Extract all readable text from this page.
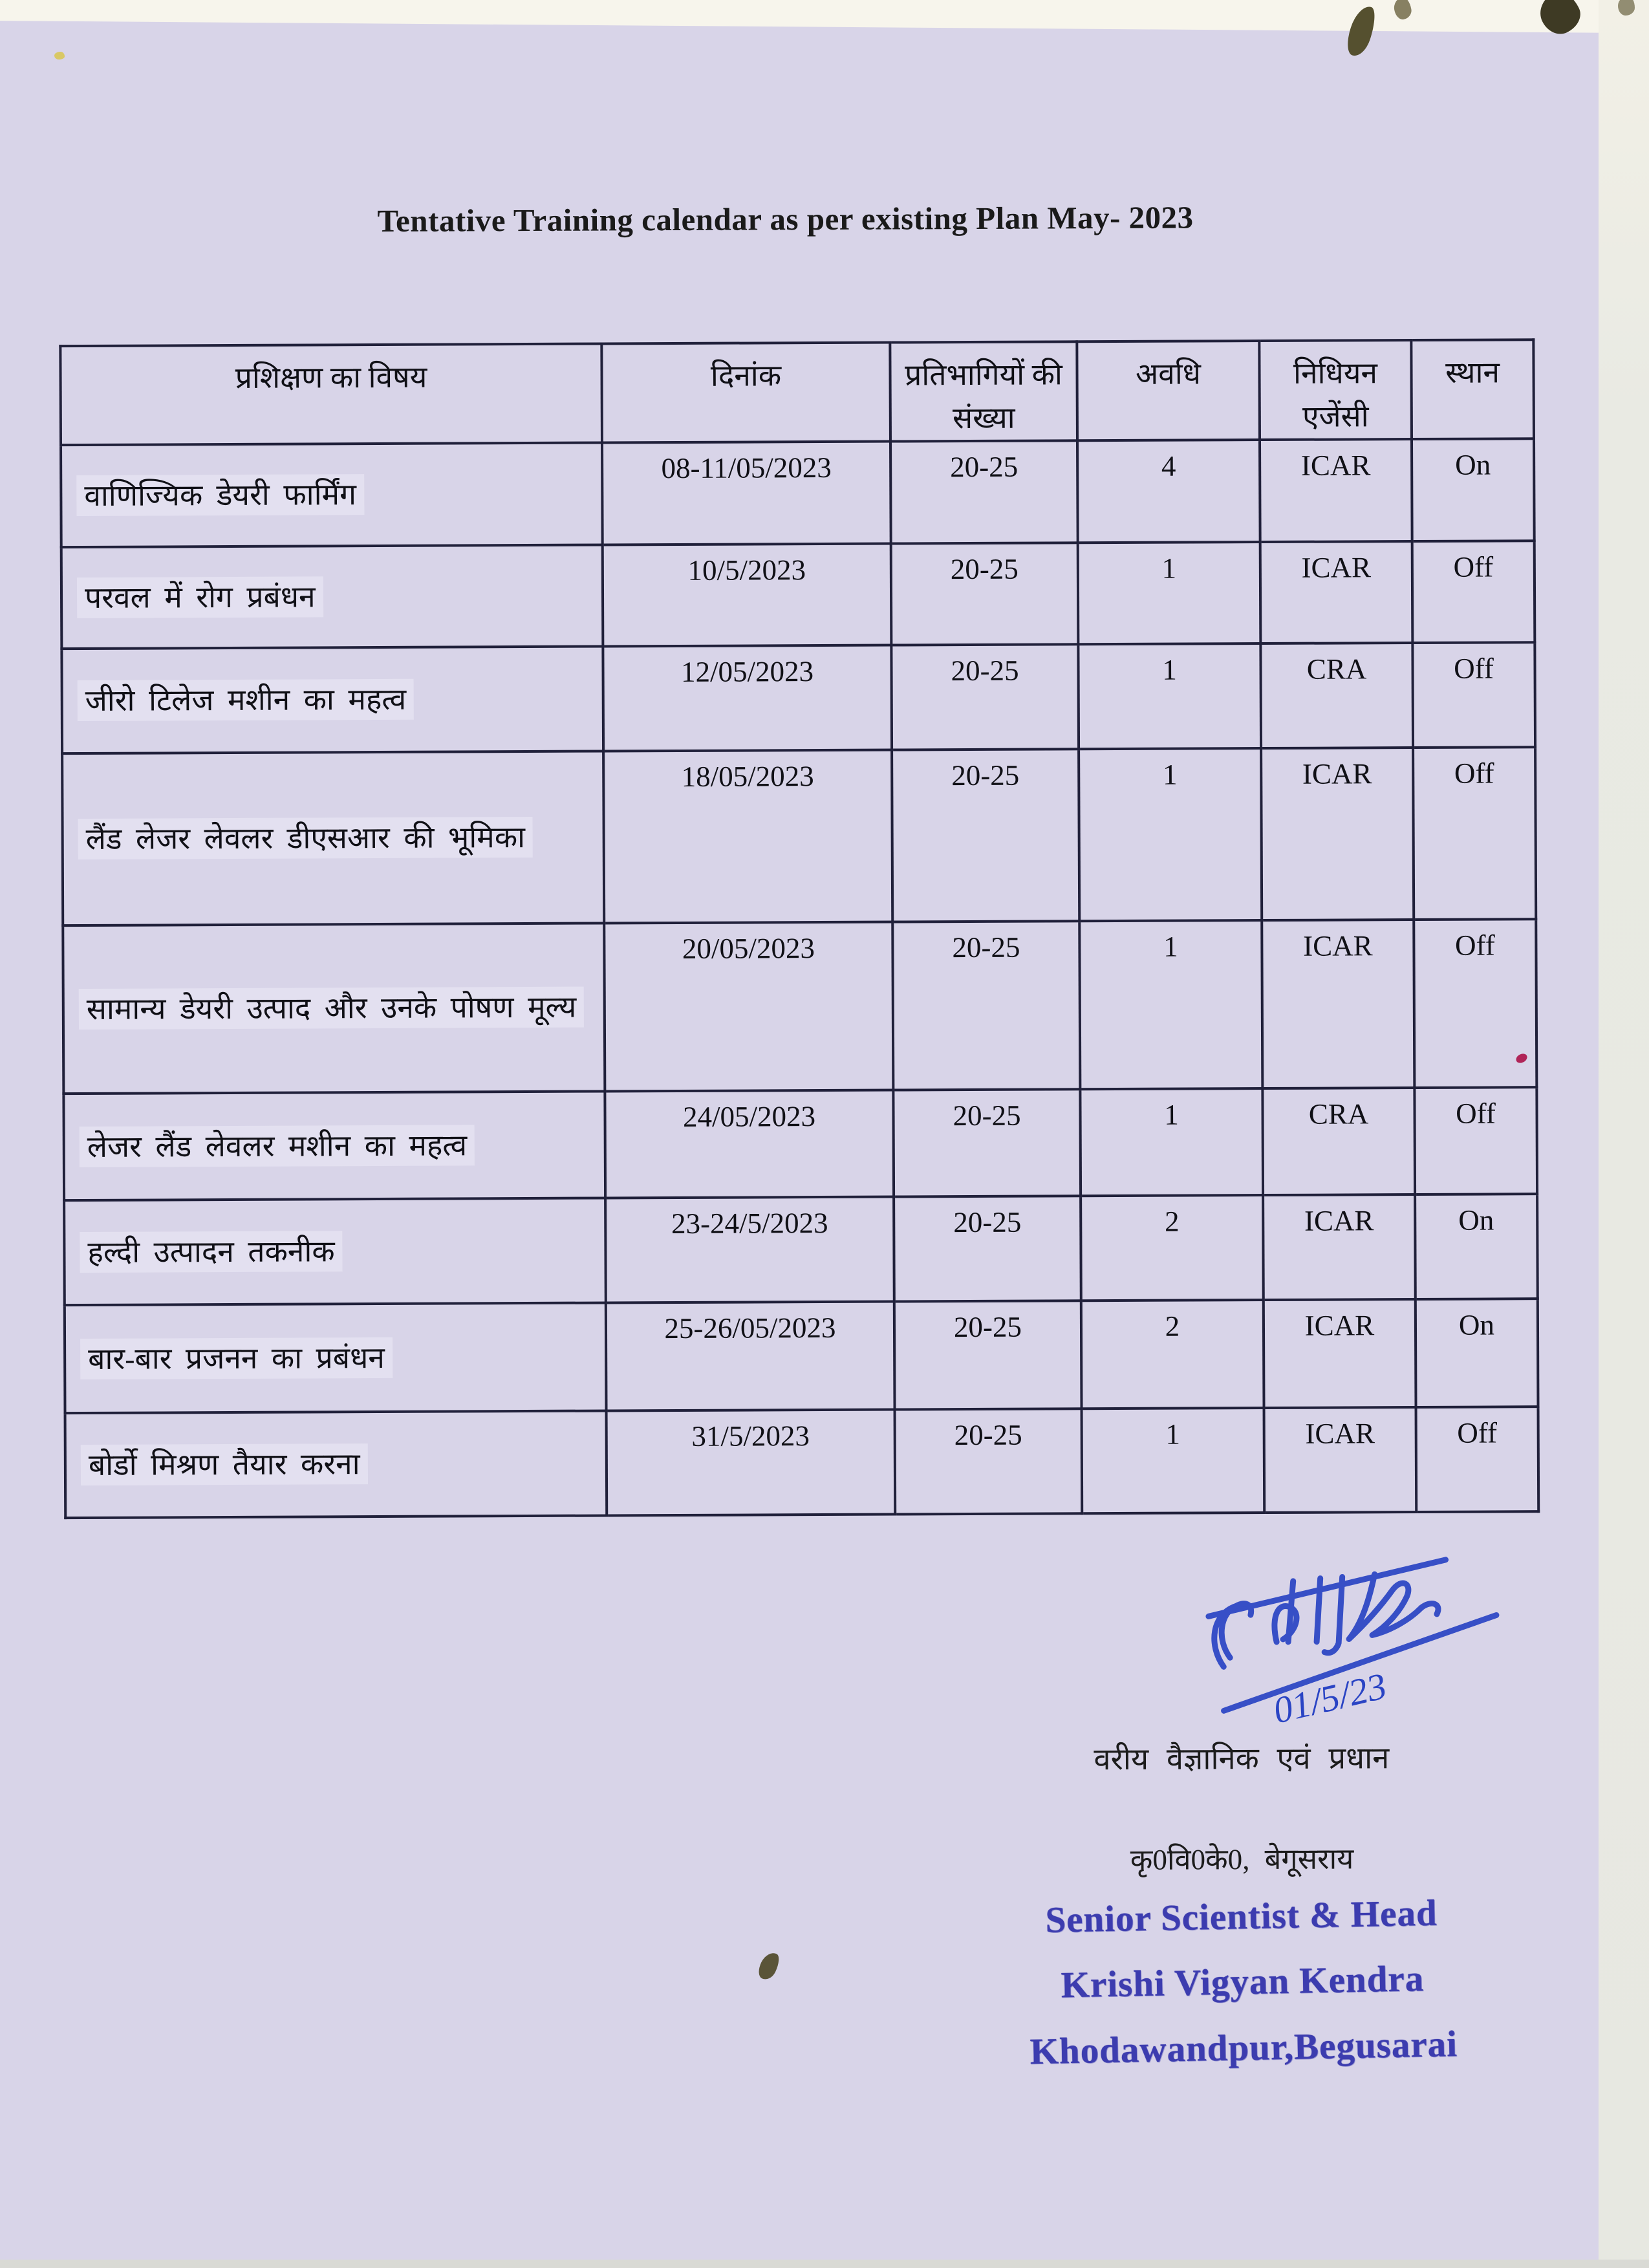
Tentative Training calendar as per existing Plan May- 2023
प्रशिक्षण का विषय	दिनांक	प्रतिभागियों की संख्या	अवधि	निधियन एजेंसी	स्थान
वाणिज्यिक डेयरी फार्मिंग	08-11/05/2023	20-25	4	ICAR	On
परवल में रोग प्रबंधन	10/5/2023	20-25	1	ICAR	Off
जीरो टिलेज मशीन का महत्व	12/05/2023	20-25	1	CRA	Off
लैंड लेजर लेवलर डीएसआर की भूमिका	18/05/2023	20-25	1	ICAR	Off
सामान्य डेयरी उत्पाद और उनके पोषण मूल्य	20/05/2023	20-25	1	ICAR	Off
लेजर लैंड लेवलर मशीन का महत्व	24/05/2023	20-25	1	CRA	Off
हल्दी उत्पादन तकनीक	23-24/5/2023	20-25	2	ICAR	On
बार-बार प्रजनन का प्रबंधन	25-26/05/2023	20-25	2	ICAR	On
बोर्डो मिश्रण तैयार करना	31/5/2023	20-25	1	ICAR	Off
01/5/23
वरीय वैज्ञानिक एवं प्रधान
कृ0वि0के0, बेगूसराय
Senior Scientist & Head
Krishi Vigyan Kendra
Khodawandpur,Begusarai
